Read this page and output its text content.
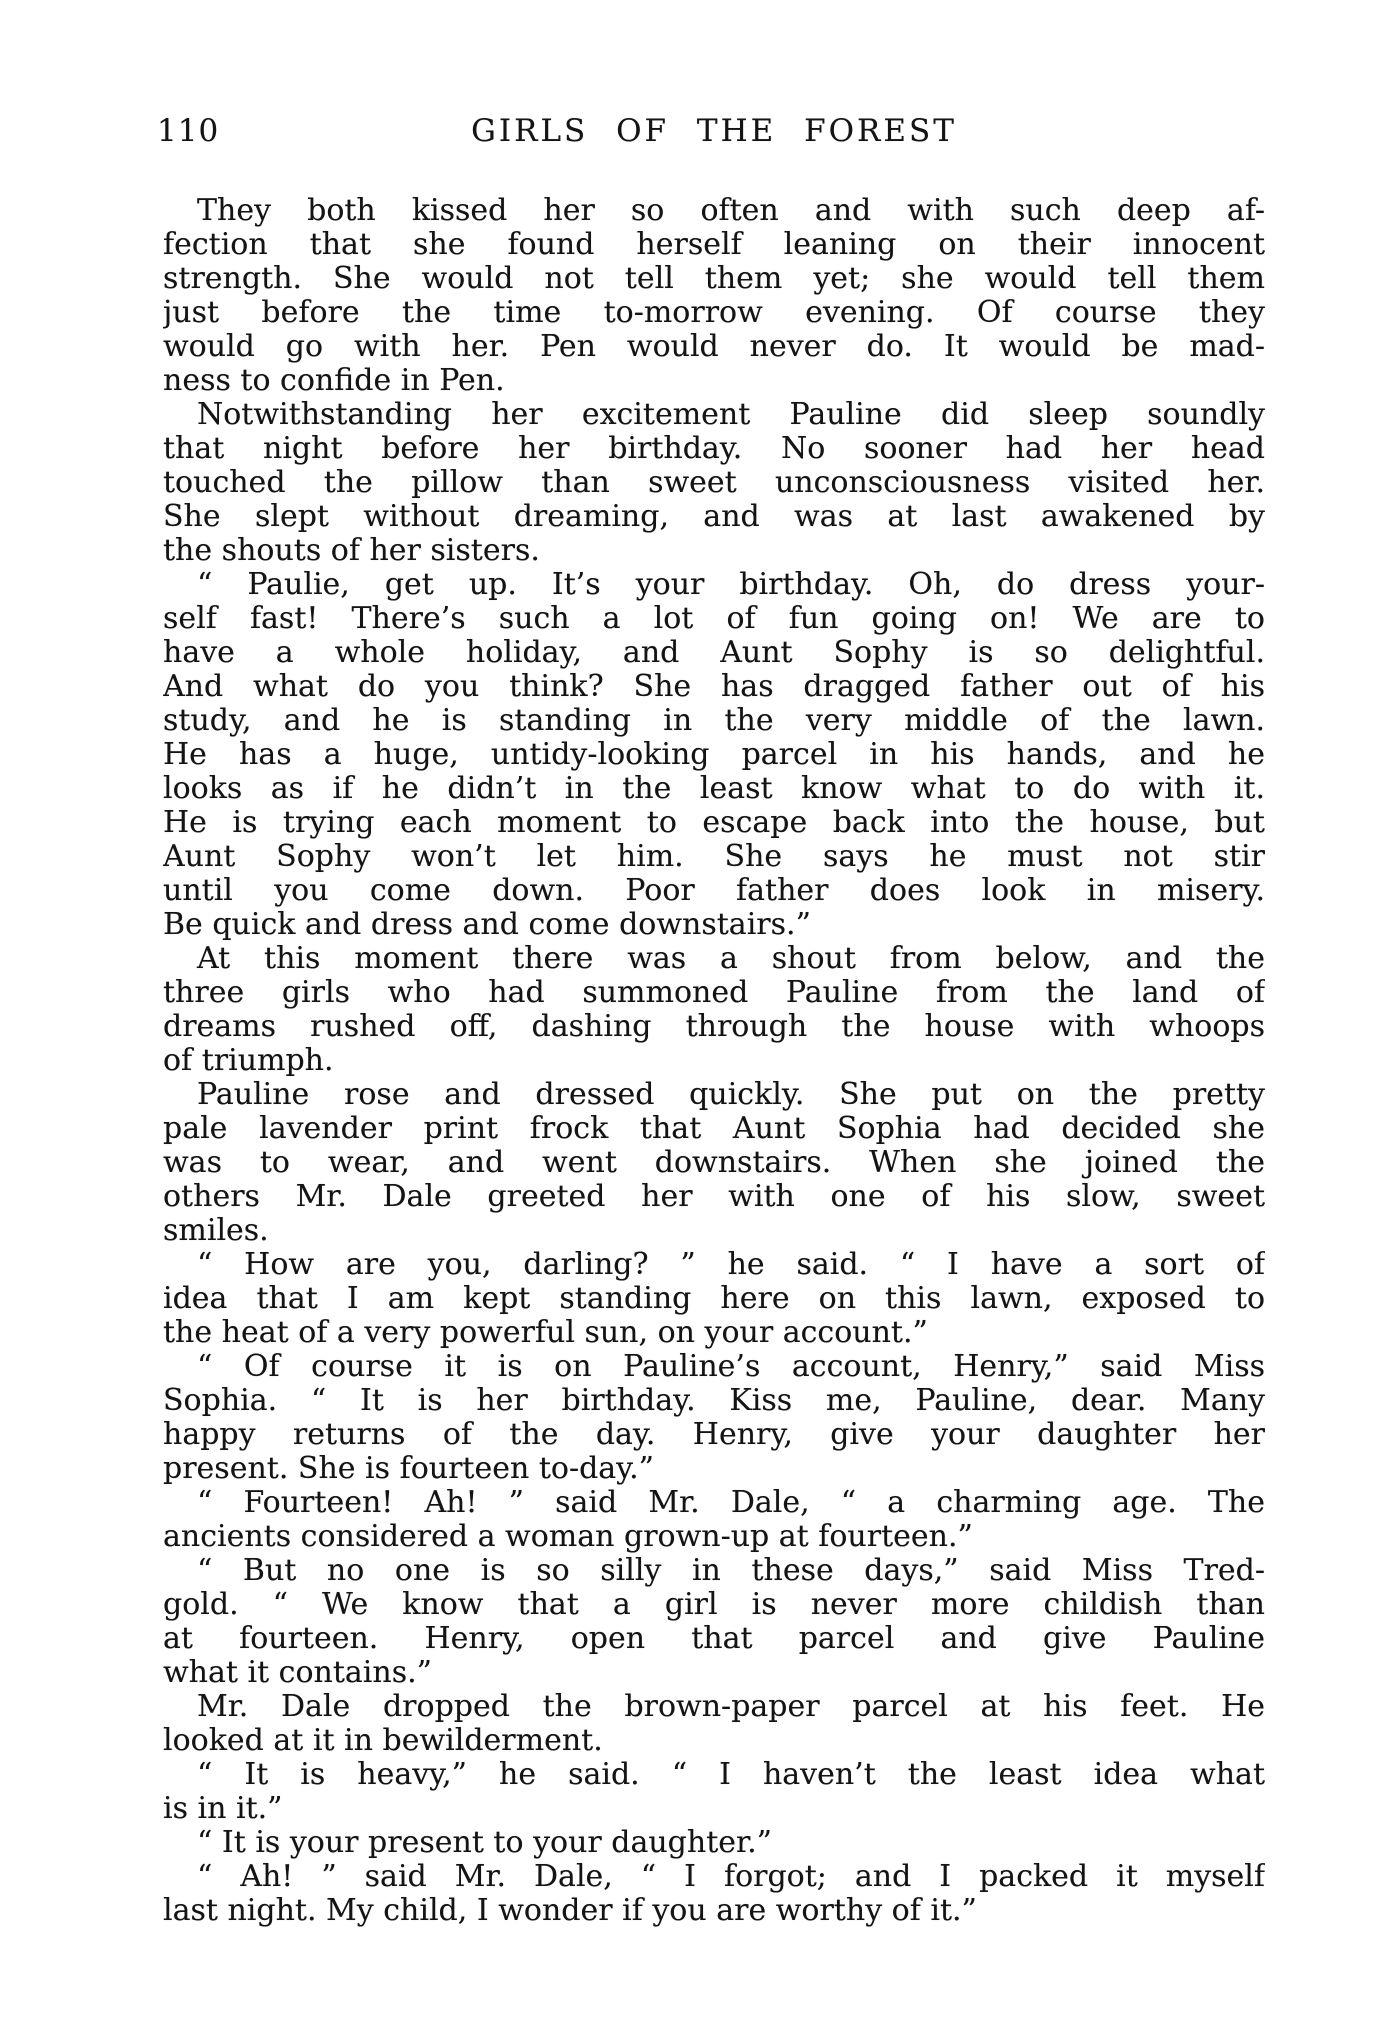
110	GIRLS OF THE FOREST
They both kissed her so often and with such deep af-
fection that she found herself leaning on their innocent
strength. She would not tell them yet; she would tell them
just before the time to-morrow evening. Of course they
would go with her. Pen would never do. It would be mad-
ness to confide in Pen.
Notwithstanding her excitement Pauline did sleep soundly
that night before her birthday. No sooner had her head
touched the pillow than sweet unconsciousness visited her.
She slept without dreaming, and was at last awakened by
the shouts of her sisters.
“ Paulie, get up. It’s your birthday. Oh, do dress your-
self fast! There’s such a lot of fun going on! We are to
have a whole holiday, and Aunt Sophy is so delightful.
And what do you think? She has dragged father out of his
study, and he is standing in the very middle of the lawn.
He has a huge, untidy-looking parcel in his hands, and he
looks as if he didn’t in the least know what to do with it.
He is trying each moment to escape back into the house, but
Aunt Sophy won’t let him. She says he must not stir
until you come down. Poor father does look in misery.
Be quick and dress and come downstairs.”
At this moment there was a shout from below, and the
three girls who had summoned Pauline from the land of
dreams rushed off, dashing through the house with whoops
of triumph.
Pauline rose and dressed quickly. She put on the pretty
pale lavender print frock that Aunt Sophia had decided she
was to wear, and went downstairs. When she joined the
others Mr. Dale greeted her with one of his slow, sweet
smiles.
“ How are you, darling? ” he said. “ I have a sort of
idea that I am kept standing here on this lawn, exposed to
the heat of a very powerful sun, on your account.”
“ Of course it is on Pauline’s account, Henry,” said Miss
Sophia. “ It is her birthday. Kiss me, Pauline, dear. Many
happy returns of the day. Henry, give your daughter her
present. She is fourteen to-day.”
“ Fourteen! Ah! ” said Mr. Dale, “ a charming age. The
ancients considered a woman grown-up at fourteen.”
“ But no one is so silly in these days,” said Miss Tred-
gold. “ We know that a girl is never more childish than
at fourteen. Henry, open that parcel and give Pauline
what it contains.”
Mr. Dale dropped the brown-paper parcel at his feet. He
looked at it in bewilderment.
“ It is heavy,” he said. “ I haven’t the least idea what
is in it.”
“ It is your present to your daughter.”
“ Ah! ” said Mr. Dale, “ I forgot; and I packed it myself
last night. My child, I wonder if you are worthy of it.”
